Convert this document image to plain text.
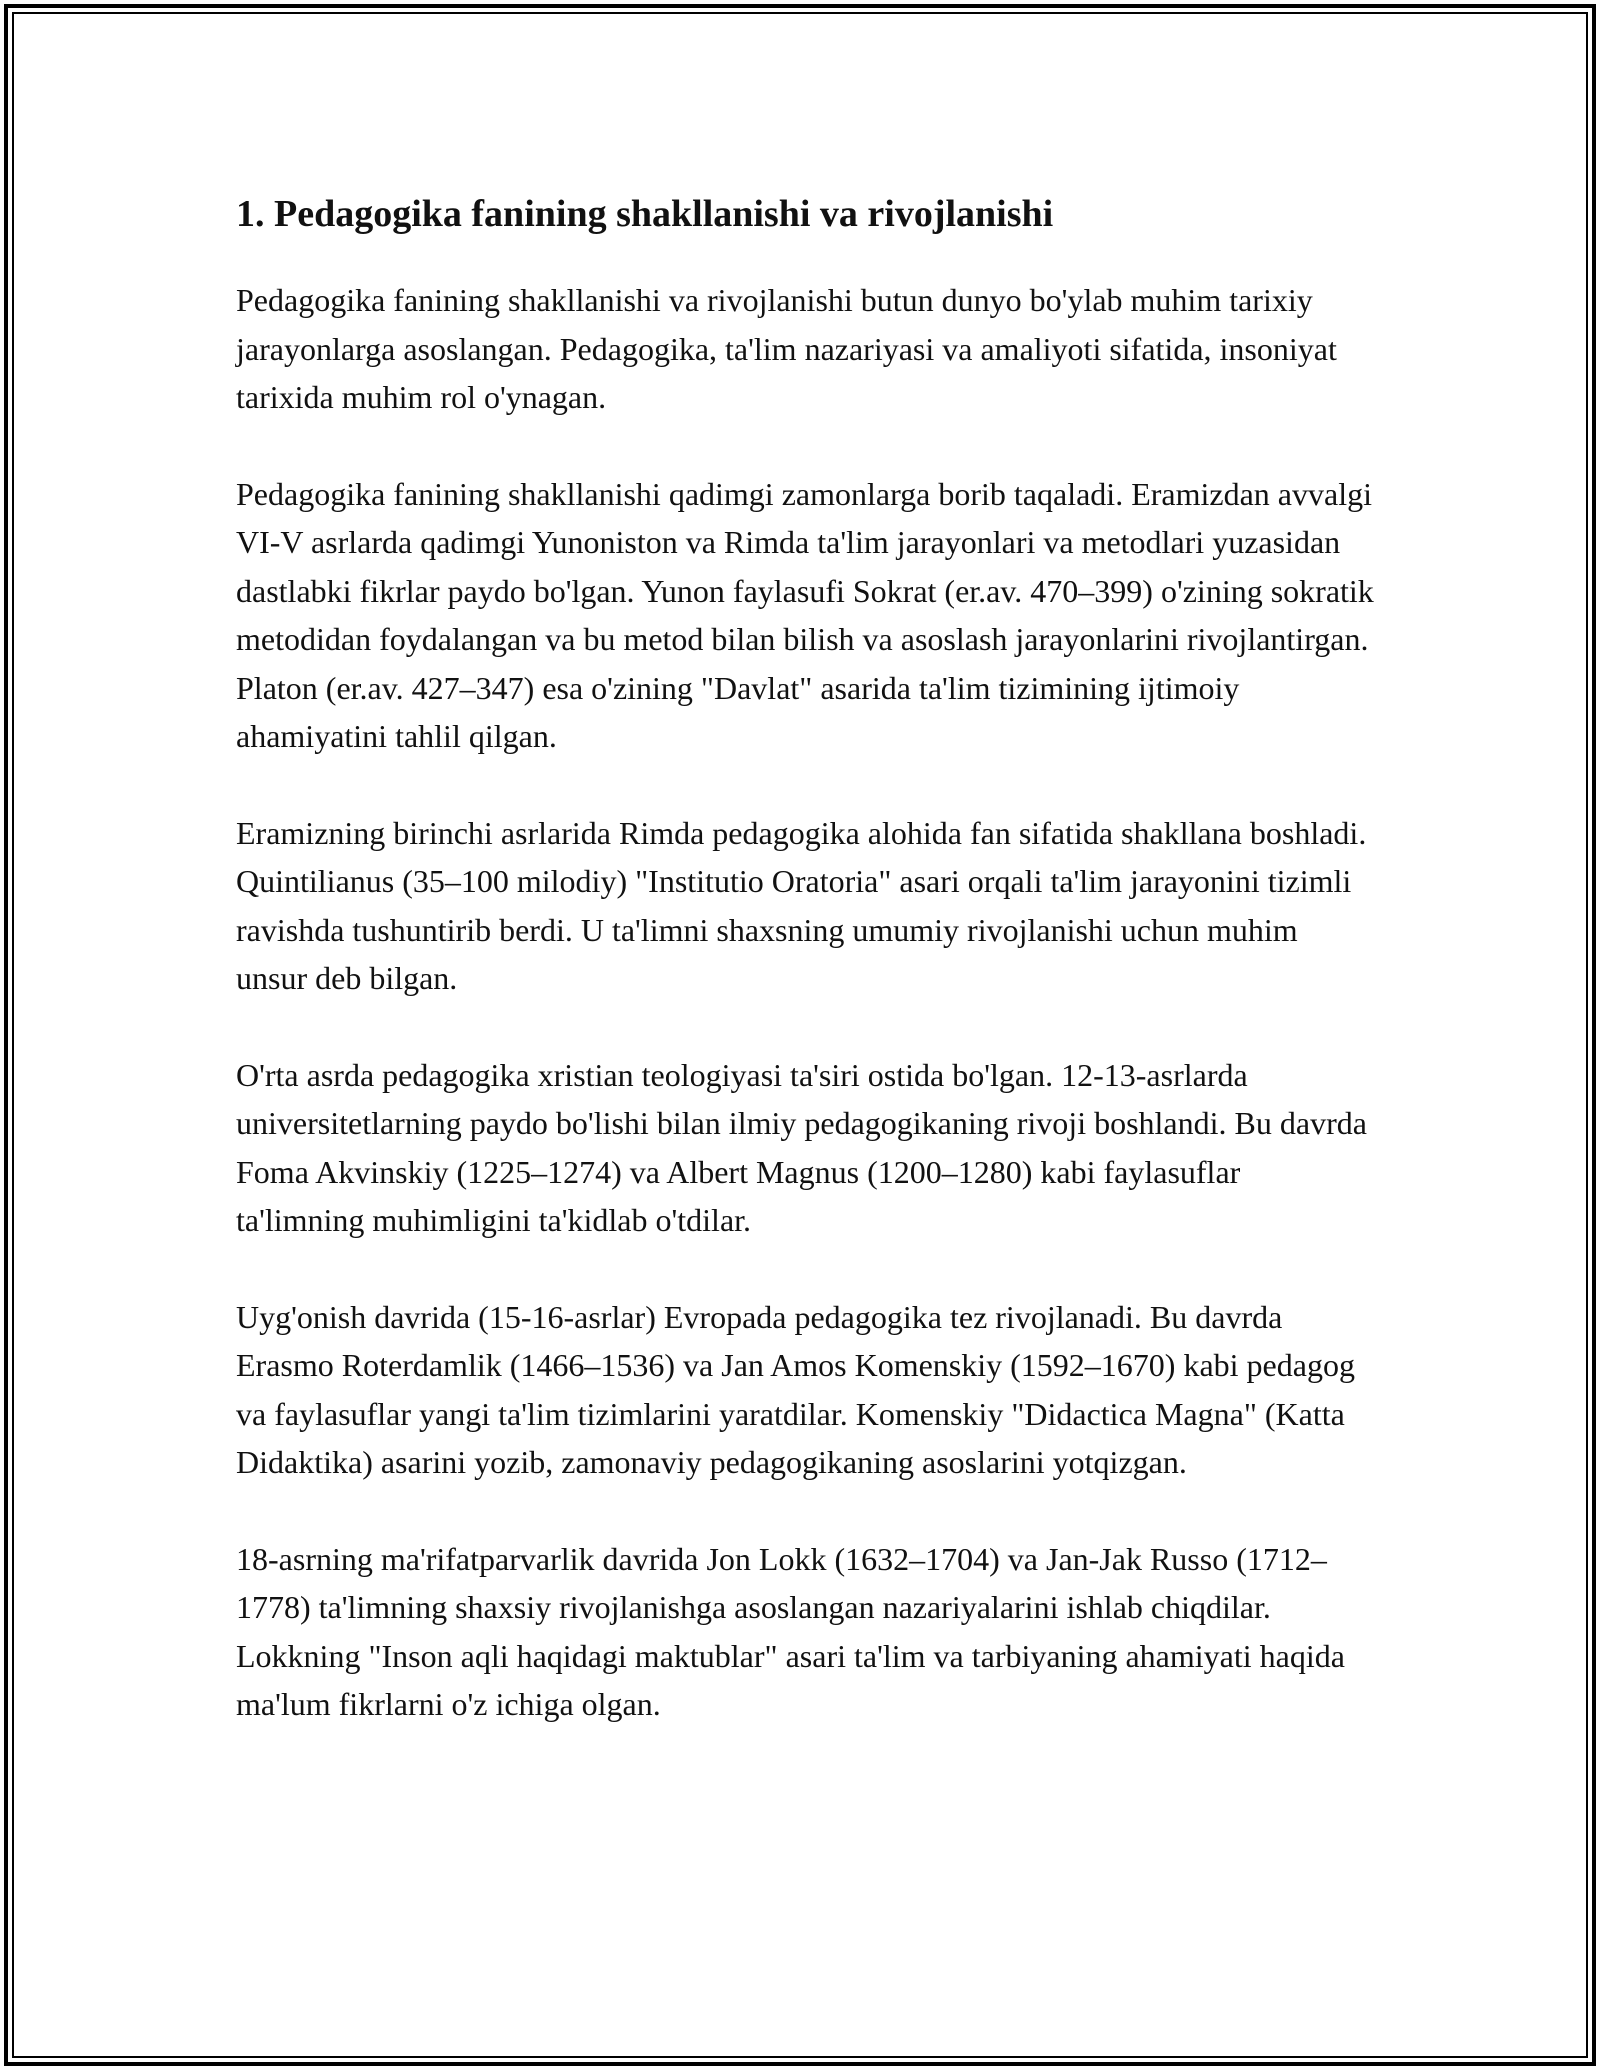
1. Pedagogika fanining shakllanishi va rivojlanishi

Pedagogika fanining shakllanishi va rivojlanishi butun dunyo bo'ylab muhim tarixiy jarayonlarga asoslangan. Pedagogika, ta'lim nazariyasi va amaliyoti sifatida, insoniyat tarixida muhim rol o'ynagan.

Pedagogika fanining shakllanishi qadimgi zamonlarga borib taqaladi. Eramizdan avvalgi VI-V asrlarda qadimgi Yunoniston va Rimda ta'lim jarayonlari va metodlari yuzasidan dastlabki fikrlar paydo bo'lgan. Yunon faylasufi Sokrat (er.av. 470–399) o'zining sokratik metodidan foydalangan va bu metod bilan bilish va asoslash jarayonlarini rivojlantirgan. Platon (er.av. 427–347) esa o'zining "Davlat" asarida ta'lim tizimining ijtimoiy ahamiyatini tahlil qilgan.

Eramizning birinchi asrlarida Rimda pedagogika alohida fan sifatida shakllana boshladi. Quintilianus (35–100 milodiy) "Institutio Oratoria" asari orqali ta'lim jarayonini tizimli ravishda tushuntirib berdi. U ta'limni shaxsning umumiy rivojlanishi uchun muhim unsur deb bilgan.

O'rta asrda pedagogika xristian teologiyasi ta'siri ostida bo'lgan. 12-13-asrlarda universitetlarning paydo bo'lishi bilan ilmiy pedagogikaning rivoji boshlandi. Bu davrda Foma Akvinskiy (1225–1274) va Albert Magnus (1200–1280) kabi faylasuflar ta'limning muhimligini ta'kidlab o'tdilar.

Uyg'onish davrida (15-16-asrlar) Evropada pedagogika tez rivojlanadi. Bu davrda Erasmo Roterdamlik (1466–1536) va Jan Amos Komenskiy (1592–1670) kabi pedagog va faylasuflar yangi ta'lim tizimlarini yaratdilar. Komenskiy "Didactica Magna" (Katta Didaktika) asarini yozib, zamonaviy pedagogikaning asoslarini yotqizgan.

18-asrning ma'rifatparvarlik davrida Jon Lokk (1632–1704) va Jan-Jak Russo (1712–1778) ta'limning shaxsiy rivojlanishga asoslangan nazariyalarini ishlab chiqdilar. Lokkning "Inson aqli haqidagi maktublar" asari ta'lim va tarbiyaning ahamiyati haqida ma'lum fikrlarni o'z ichiga olgan.
